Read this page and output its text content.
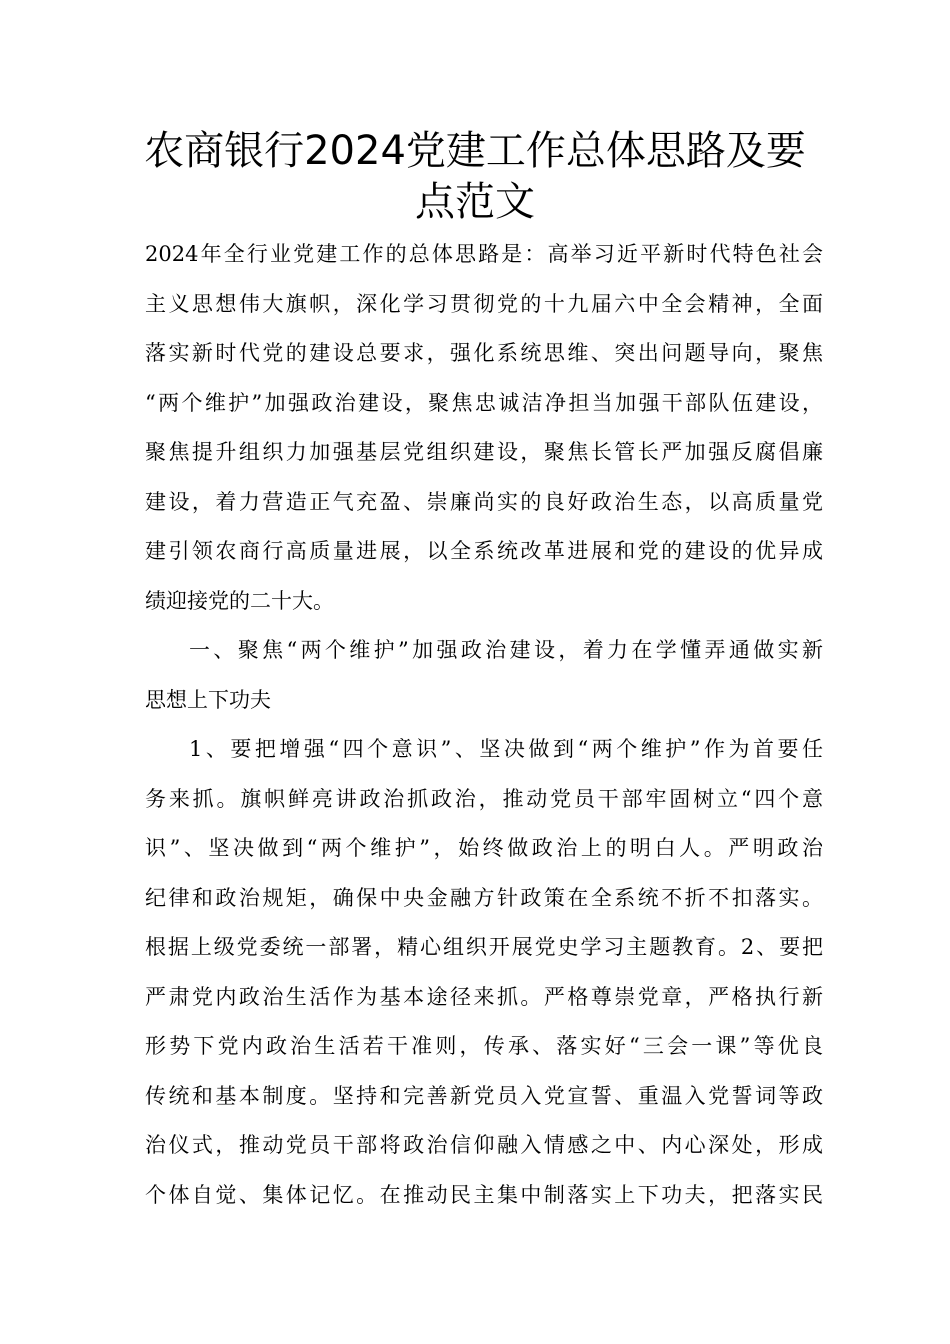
农商银行2024党建工作总体思路及要
点范文
2024年全行业党建工作的总体思路是：高举习近平新时代特色社会
主义思想伟大旗帜，深化学习贯彻党的十九届六中全会精神，全面
落实新时代党的建设总要求，强化系统思维、突出问题导向，聚焦
“两个维护”加强政治建设，聚焦忠诚洁净担当加强干部队伍建设，
聚焦提升组织力加强基层党组织建设，聚焦长管长严加强反腐倡廉
建设，着力营造正气充盈、崇廉尚实的良好政治生态，以高质量党
建引领农商行高质量进展，以全系统改革进展和党的建设的优异成
绩迎接党的二十大。
一、聚焦“两个维护”加强政治建设，着力在学懂弄通做实新
思想上下功夫
1、要把增强“四个意识”、坚决做到“两个维护”作为首要任
务来抓。旗帜鲜亮讲政治抓政治，推动党员干部牢固树立“四个意
识”、坚决做到“两个维护”，始终做政治上的明白人。严明政治
纪律和政治规矩，确保中央金融方针政策在全系统不折不扣落实。
根据上级党委统一部署，精心组织开展党史学习主题教育。2、要把
严肃党内政治生活作为基本途径来抓。严格尊崇党章，严格执行新
形势下党内政治生活若干准则，传承、落实好“三会一课”等优良
传统和基本制度。坚持和完善新党员入党宣誓、重温入党誓词等政
治仪式，推动党员干部将政治信仰融入情感之中、内心深处，形成
个体自觉、集体记忆。在推动民主集中制落实上下功夫，把落实民
